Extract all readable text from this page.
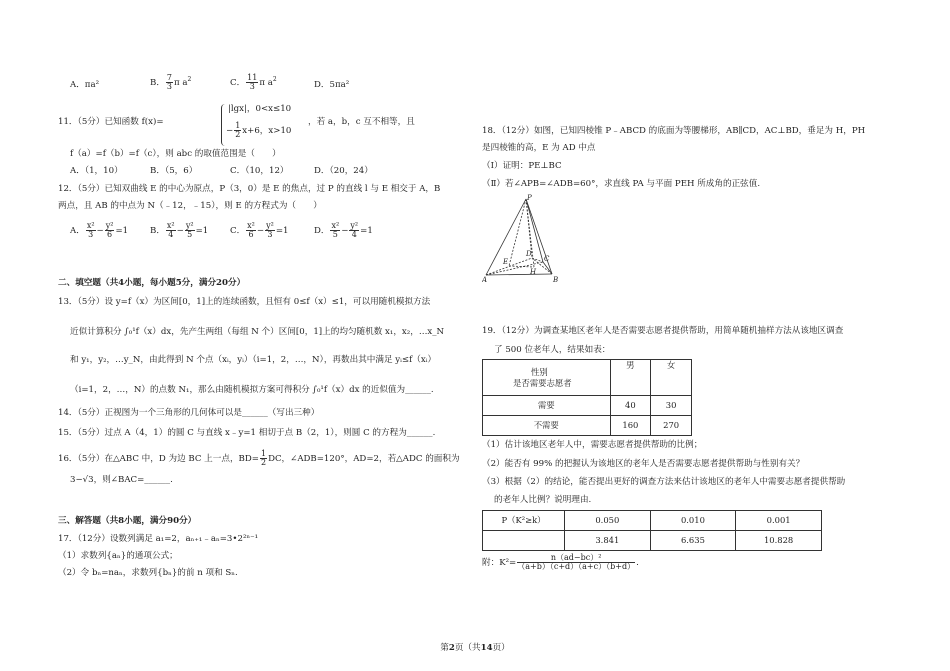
A．πa²	B． $\frac{7}{3}$ π $a^2$	C． $\frac{11}{3}$ π $a^2$
D．5πa²
11．（5分）已知函数 f(x)=
|lgx|，0<x≤10
− $\frac{1}{2} x+6$，x>10
，若 a，b，c 互不相等，且
f（a）=f（b）=f（c），则 abc 的取值范围是（　　）
A．（1，10）	B．（5，6）	C．（10，12）	D．（20，24）
12．（5分）已知双曲线 E 的中心为原点，P（3，0）是 E 的焦点，过 P 的直线 l 与 E 相交于 A，B
两点，且 AB 的中点为 N（﹣12，﹣15），则 E 的方程式为（　　）
A． $\frac{\text{x²}}{3} - \frac{\text{y²}}{6} =1$	B． $\frac{\text{x²}}{4} - \frac{\text{y²}}{5} =1$	C． $\frac{\text{x²}}{6} - \frac{\text{y²}}{3} =1$	D． $\frac{\text{x²}}{5} - \frac{\text{y²}}{4} =1$
二、填空题（共4小题，每小题5分，满分20分）
13．（5分）设 y=f（x）为区间[0，1]上的连续函数，且恒有 0≤f（x）≤1，可以用随机模拟方法
近似计算积分 ∫₀¹f（x）dx，先产生两组（每组 N 个）区间[0，1]上的均匀随机数 x₁，x₂，…x_N
和 y₁，y₂，…y_N，由此得到 N 个点（xᵢ，yᵢ）（i=1，2，…，N），再数出其中满足 yᵢ≤f（xᵢ）
（i=1，2，…，N）的点数 N₁，那么由随机模拟方案可得积分 ∫₀¹f（x）dx 的近似值为______.
14．（5分）正视图为一个三角形的几何体可以是______（写出三种）
15．（5分）过点 A（4，1）的圆 C 与直线 x﹣y=1 相切于点 B（2，1），则圆 C 的方程为______.
16．（5分）在△ABC 中，D 为边 BC 上一点，$BD= \frac{1}{2}$ DC，∠ADB=120°，AD=2，若△ADC 的面积为
3−√3，则∠BAC=______.
三、解答题（共8小题，满分90分）
17．（12分）设数列满足 a₁=2，aₙ₊₁﹣aₙ=3•2²ⁿ⁻¹
（1）求数列{aₙ}的通项公式；
（2）令 bₙ=naₙ，求数列{bₙ}的前 n 项和 Sₙ.
18．（12分）如图，已知四棱锥 P﹣ABCD 的底面为等腰梯形，AB∥CD，AC⊥BD，垂足为 H，PH
是四棱锥的高，E 为 AD 中点
（Ⅰ）证明：PE⊥BC
（Ⅱ）若∠APB=∠ADB=60°，求直线 PA 与平面 PEH 所成角的正弦值.
P
A	B
C
D
E
H
19．（12分）为调查某地区老年人是否需要志愿者提供帮助，用简单随机抽样方法从该地区调查
了 500 位老年人，结果如表：
性别
是否需要志愿者	男	女
需要	40	30
不需要	160	270
（1）估计该地区老年人中，需要志愿者提供帮助的比例；
（2）能否有 99% 的把握认为该地区的老年人是否需要志愿者提供帮助与性别有关？
（3）根据（2）的结论，能否提出更好的调查方法来估计该地区的老年人中需要志愿者提供帮助
的老年人比例？说明理由.
P（K²≥k）	0.050	0.010	0.001
	3.841	6.635	10.828
附：$K^2= \frac{\text{n（ad−bc）²}}{(a+b)(c+d)(a+c)(b+d)}$ .
第2页（共14页）
